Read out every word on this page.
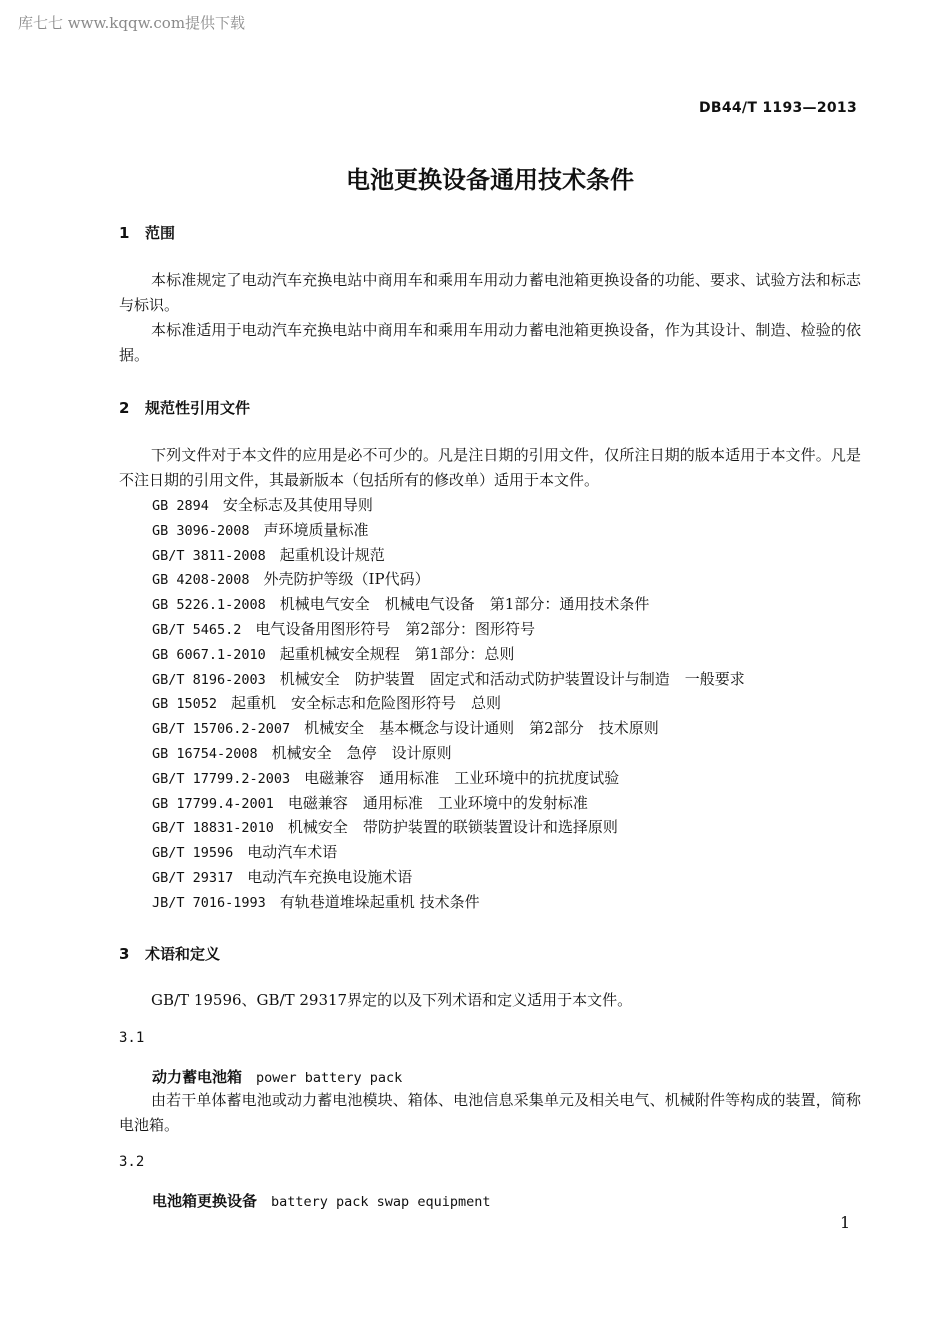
库七七 www.kqqw.com提供下载
DB44/T 1193—2013
电池更换设备通用技术条件
1 范围
本标准规定了电动汽车充换电站中商用车和乘用车用动力蓄电池箱更换设备的功能、要求、试验方法和标志与标识。
本标准适用于电动汽车充换电站中商用车和乘用车用动力蓄电池箱更换设备，作为其设计、制造、检验的依据。
2 规范性引用文件
下列文件对于本文件的应用是必不可少的。凡是注日期的引用文件，仅所注日期的版本适用于本文件。凡是不注日期的引用文件，其最新版本（包括所有的修改单）适用于本文件。
GB 2894 安全标志及其使用导则
GB 3096-2008 声环境质量标准
GB/T 3811-2008 起重机设计规范
GB 4208-2008 外壳防护等级（IP代码）
GB 5226.1-2008 机械电气安全　机械电气设备　第1部分：通用技术条件
GB/T 5465.2 电气设备用图形符号　第2部分：图形符号
GB 6067.1-2010 起重机械安全规程　第1部分：总则
GB/T 8196-2003 机械安全　防护装置　固定式和活动式防护装置设计与制造　一般要求
GB 15052 起重机　安全标志和危险图形符号　总则
GB/T 15706.2-2007 机械安全　基本概念与设计通则　第2部分　技术原则
GB 16754-2008 机械安全　急停　设计原则
GB/T 17799.2-2003 电磁兼容　通用标准　工业环境中的抗扰度试验
GB 17799.4-2001 电磁兼容　通用标准　工业环境中的发射标准
GB/T 18831-2010 机械安全　带防护装置的联锁装置设计和选择原则
GB/T 19596 电动汽车术语
GB/T 29317 电动汽车充换电设施术语
JB/T 7016-1993 有轨巷道堆垛起重机 技术条件
3 术语和定义
GB/T 19596、GB/T 29317界定的以及下列术语和定义适用于本文件。
3.1
动力蓄电池箱 power battery pack
由若干单体蓄电池或动力蓄电池模块、箱体、电池信息采集单元及相关电气、机械附件等构成的装置，简称电池箱。
3.2
电池箱更换设备 battery pack swap equipment
1
